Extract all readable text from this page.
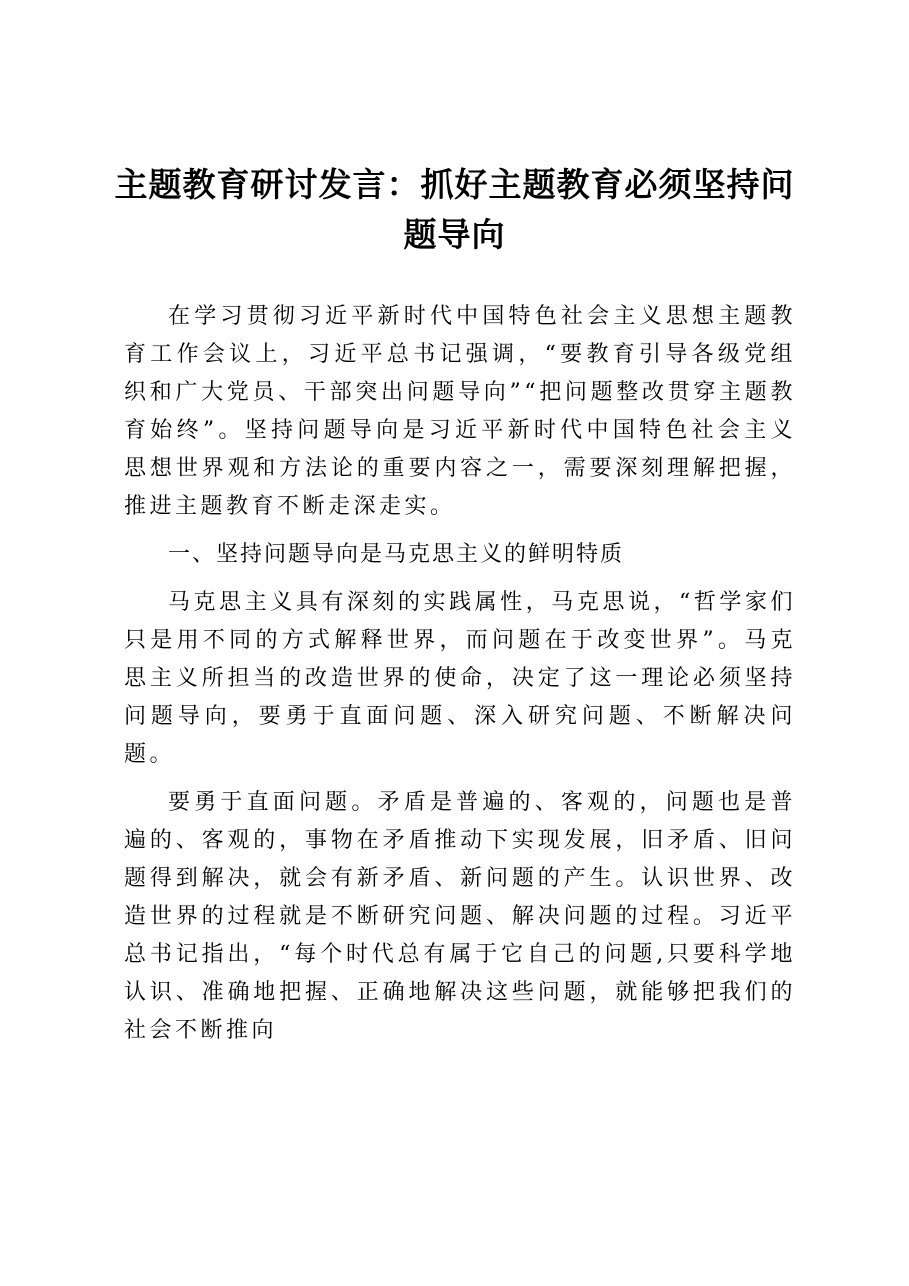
主题教育研讨发言：抓好主题教育必须坚持问题导向

在学习贯彻习近平新时代中国特色社会主义思想主题教育工作会议上，习近平总书记强调，“要教育引导各级党组织和广大党员、干部突出问题导向”“把问题整改贯穿主题教育始终”。坚持问题导向是习近平新时代中国特色社会主义思想世界观和方法论的重要内容之一，需要深刻理解把握，推进主题教育不断走深走实。

一、坚持问题导向是马克思主义的鲜明特质

马克思主义具有深刻的实践属性，马克思说，“哲学家们只是用不同的方式解释世界，而问题在于改变世界”。马克思主义所担当的改造世界的使命，决定了这一理论必须坚持问题导向，要勇于直面问题、深入研究问题、不断解决问题。

要勇于直面问题。矛盾是普遍的、客观的，问题也是普遍的、客观的，事物在矛盾推动下实现发展，旧矛盾、旧问题得到解决，就会有新矛盾、新问题的产生。认识世界、改造世界的过程就是不断研究问题、解决问题的过程。习近平总书记指出，“每个时代总有属于它自己的问题,只要科学地认识、准确地把握、正确地解决这些问题，就能够把我们的社会不断推向
